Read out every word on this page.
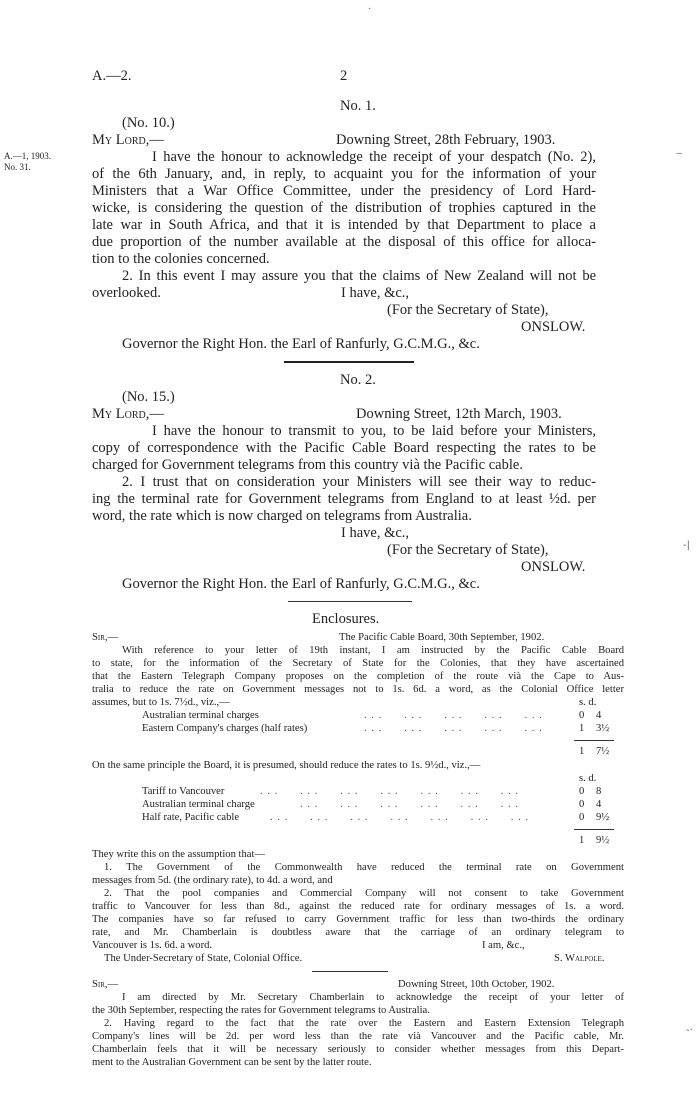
A.—2.	2
No. 1.
(No. 10.)
My Lord,—	Downing Street, 28th February, 1903.
A.—1, 1903.
No. 31.
I have the honour to acknowledge the receipt of your despatch (No. 2),
of the 6th January, and, in reply, to acquaint you for the information of your
Ministers that a War Office Committee, under the presidency of Lord Hard-
wicke, is considering the question of the distribution of trophies captured in the
late war in South Africa, and that it is intended by that Department to place a
due proportion of the number available at the disposal of this office for alloca-
tion to the colonies concerned.
2. In this event I may assure you that the claims of New Zealand will not be
overlooked.	I have, &c.,
(For the Secretary of State),
ONSLOW.
Governor the Right Hon. the Earl of Ranfurly, G.C.M.G., &c.
No. 2.
(No. 15.)
My Lord,—	Downing Street, 12th March, 1903.
I have the honour to transmit to you, to be laid before your Ministers,
copy of correspondence with the Pacific Cable Board respecting the rates to be
charged for Government telegrams from this country vià the Pacific cable.
2. I trust that on consideration your Ministers will see their way to reduc-
ing the terminal rate for Government telegrams from England to at least ½d. per
word, the rate which is now charged on telegrams from Australia.
I have, &c.,
(For the Secretary of State),
ONSLOW.
Governor the Right Hon. the Earl of Ranfurly, G.C.M.G., &c.
Enclosures.
Sir,—	The Pacific Cable Board, 30th September, 1902.
With reference to your letter of 19th instant, I am instructed by the Pacific Cable Board
to state, for the information of the Secretary of State for the Colonies, that they have ascertained
that the Eastern Telegraph Company proposes on the completion of the route vià the Cape to Aus-
tralia to reduce the rate on Government messages not to 1s. 6d. a word, as the Colonial Office letter
assumes, but to 1s. 7½d., viz.,—	s. d.
Australian terminal charges	. . .      . . .      . . .      . . .      . . .	0 4
Eastern Company's charges (half rates)	. . .      . . .      . . .      . . .      . . .	1 3½
1 7½
On the same principle the Board, it is presumed, should reduce the rates to 1s. 9½d., viz.,—
s. d.
Tariff to Vancouver	. . .      . . .      . . .      . . .      . . .      . . .      . . .	0 8
Australian terminal charge	. . .      . . .      . . .      . . .      . . .      . . .	0 4
Half rate, Pacific cable	. . .      . . .      . . .      . . .      . . .      . . .      . . .	0 9½
1 9½
They write this on the assumption that—
1. The Government of the Commonwealth have reduced the terminal rate on Government
messages from 5d. (the ordinary rate), to 4d. a word, and
2. That the pool companies and Commercial Company will not consent to take Government
traffic to Vancouver for less than 8d., against the reduced rate for ordinary messages of 1s. a word.
The companies have so far refused to carry Government traffic for less than two-thirds the ordinary
rate, and Mr. Chamberlain is doubtless aware that the carriage of an ordinary telegram to
Vancouver is 1s. 6d. a word.	I am, &c.,
The Under-Secretary of State, Colonial Office.	S. Walpole.
Sir,—	Downing Street, 10th October, 1902.
I am directed by Mr. Secretary Chamberlain to acknowledge the receipt of your letter of
the 30th September, respecting the rates for Government telegrams to Australia.
2. Having regard to the fact that the rate over the Eastern and Eastern Extension Telegraph
Company's lines will be 2d. per word less than the rate vià Vancouver and the Pacific cable, Mr.
Chamberlain feels that it will be necessary seriously to consider whether messages from this Depart-
ment to the Australian Government can be sent by the latter route.
·
‒
-|
-·
